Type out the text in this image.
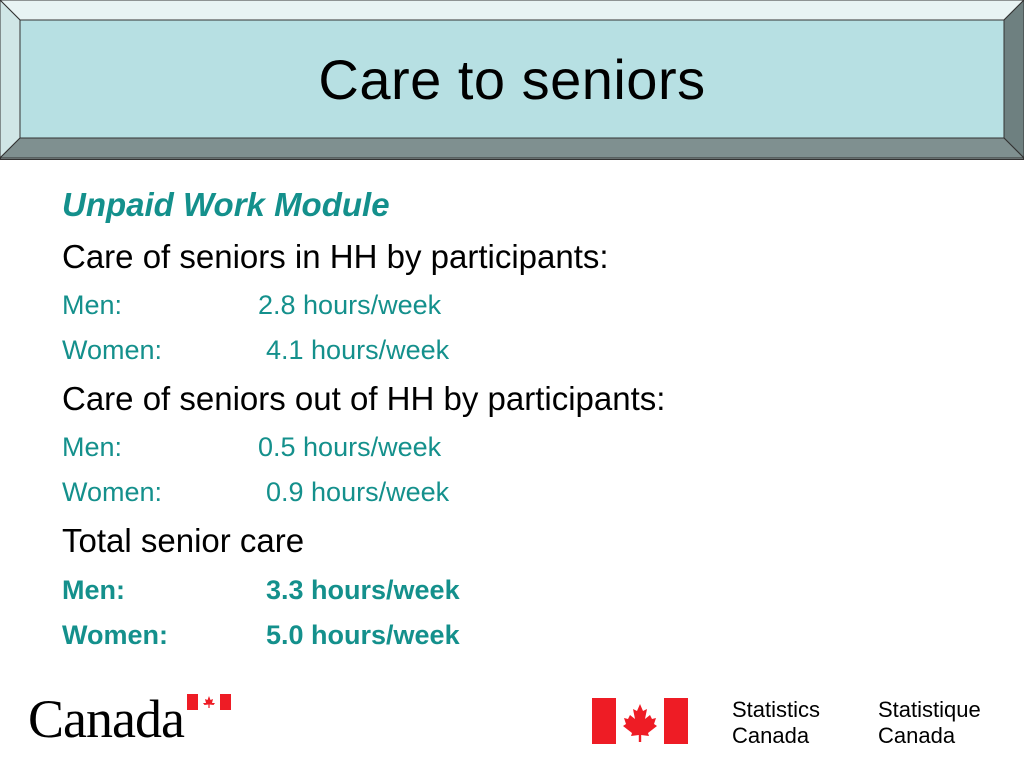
Care to seniors
Unpaid Work Module
Care of seniors in HH by participants:
Men:	2.8 hours/week
Women:	4.1 hours/week
Care of seniors out of HH by participants:
Men:	0.5 hours/week
Women:	0.9 hours/week
Total senior care
Men:	3.3 hours/week
Women:	5.0 hours/week
Canada	Statistics
Canada
Statistique
Canada
